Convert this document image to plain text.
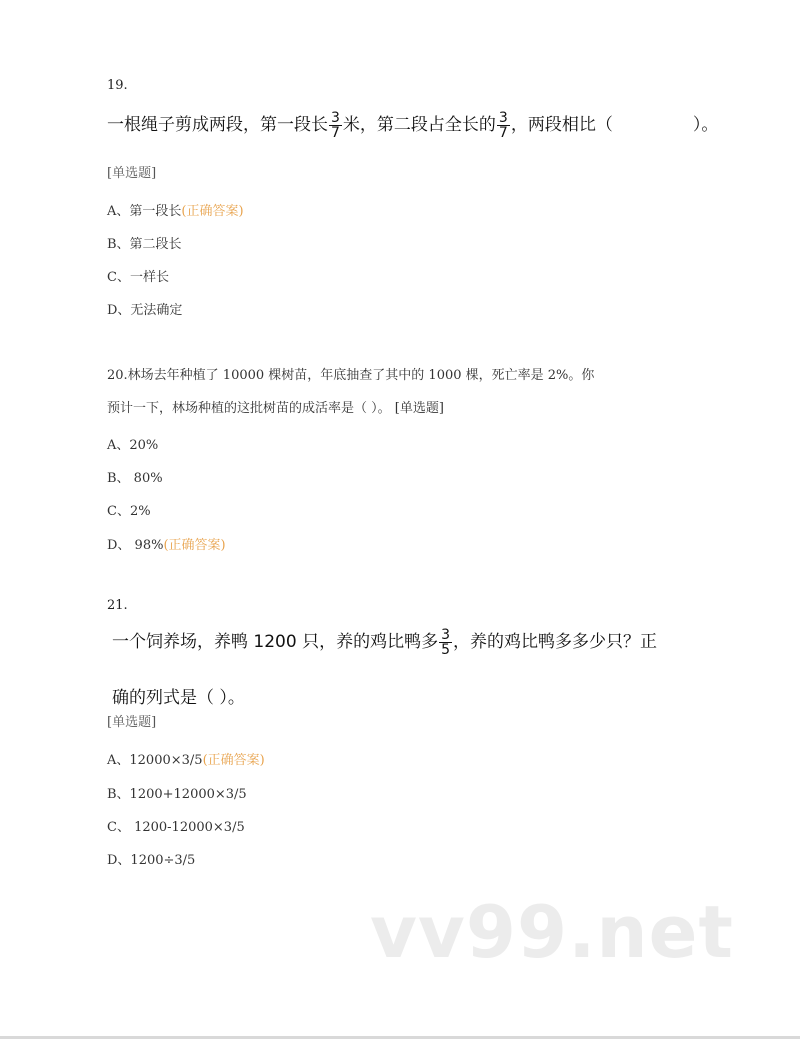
19.
一根绳子剪成两段，第一段长 $\frac{3}{7}$ 米，第二段占全长的 $\frac{3}{7}$ ，两段相比（	）。
[单选题]
A、第一段长(正确答案)
B、第二段长
C、一样长
D、无法确定
20.林场去年种植了 10000 棵树苗，年底抽查了其中的 1000 棵，死亡率是 2%。你
预计一下，林场种植的这批树苗的成活率是（ ）。 [单选题]
A、20%
B、 80%
C、2%
D、 98%(正确答案)
21.
一个饲养场，养鸭 1200 只，养的鸡比鸭多 $\frac{3}{5}$ ，养的鸡比鸭多多少只？正
确的列式是（ ）。
[单选题]
A、12000×3/5(正确答案)
B、1200+12000×3/5
C、 1200-12000×3/5
D、1200÷3/5
vv99.net
